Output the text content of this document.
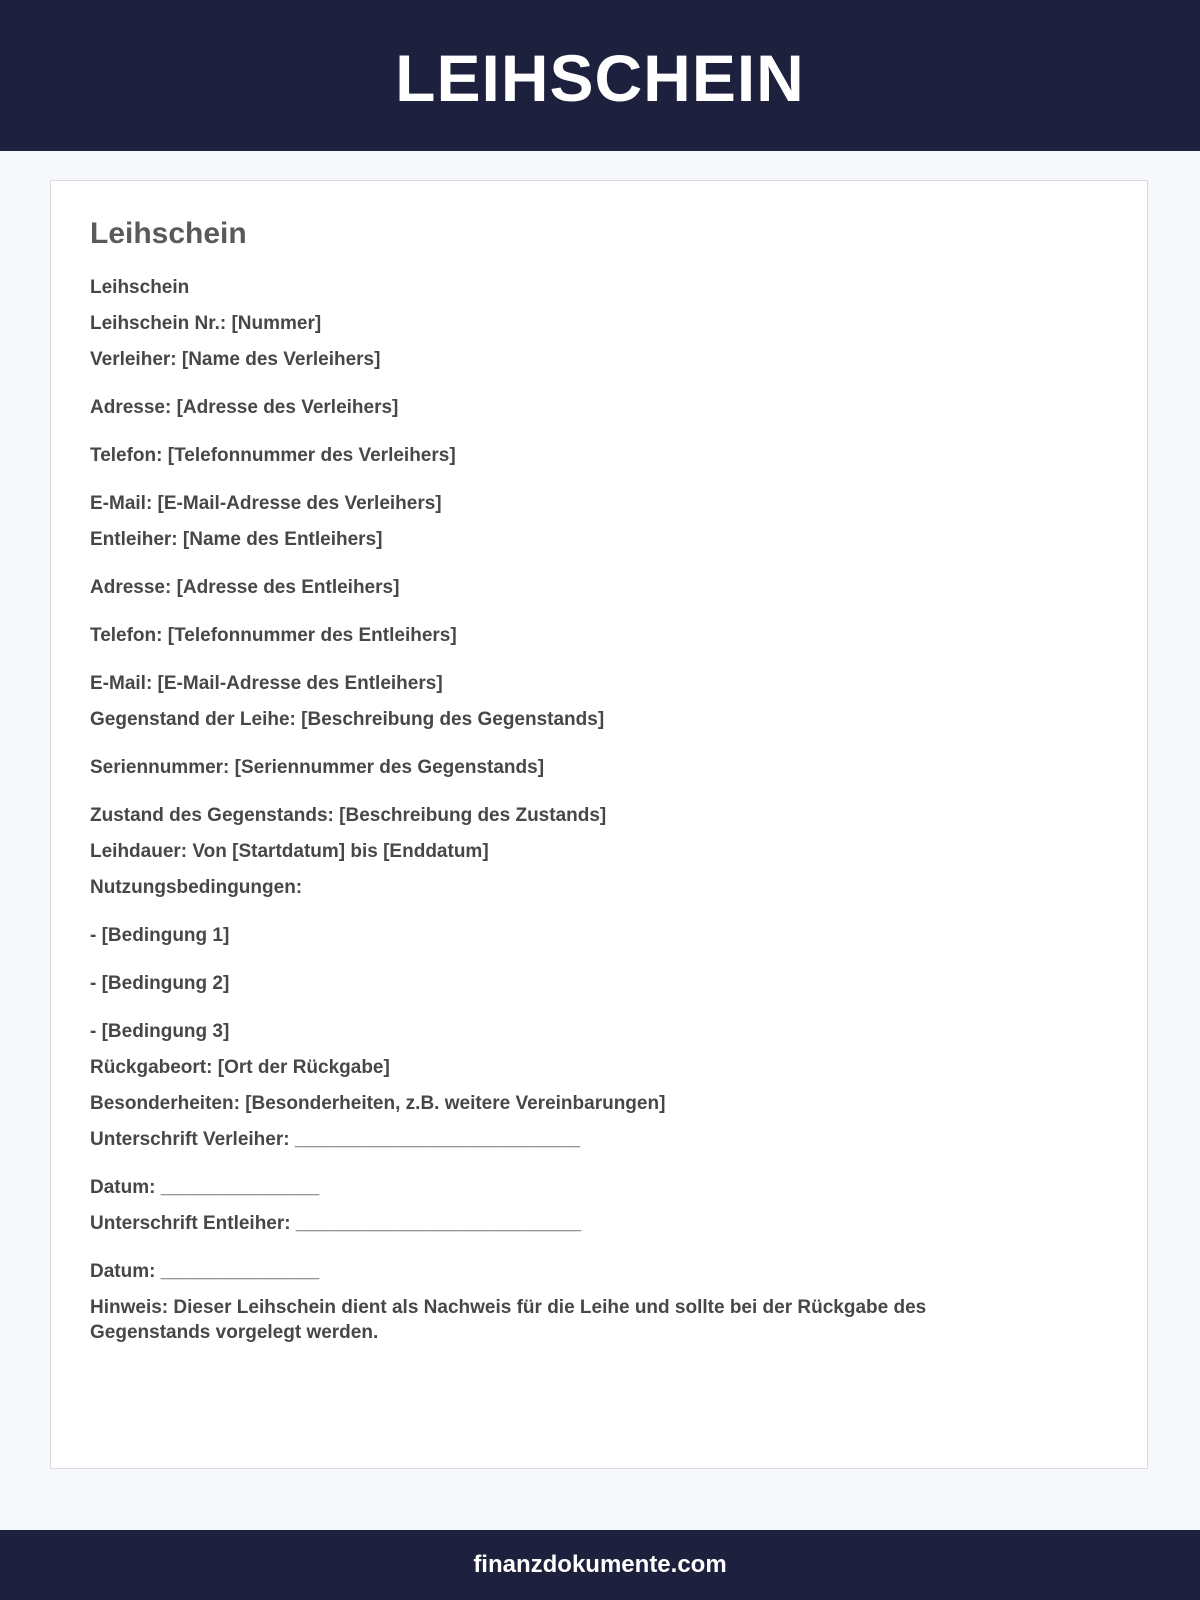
LEIHSCHEIN
Leihschein

Leihschein

Leihschein Nr.: [Nummer]

Verleiher: [Name des Verleihers]

Adresse: [Adresse des Verleihers]

Telefon: [Telefonnummer des Verleihers]

E-Mail: [E-Mail-Adresse des Verleihers]

Entleiher: [Name des Entleihers]

Adresse: [Adresse des Entleihers]

Telefon: [Telefonnummer des Entleihers]

E-Mail: [E-Mail-Adresse des Entleihers]

Gegenstand der Leihe: [Beschreibung des Gegenstands]

Seriennummer: [Seriennummer des Gegenstands]

Zustand des Gegenstands: [Beschreibung des Zustands]

Leihdauer: Von [Startdatum] bis [Enddatum]

Nutzungsbedingungen:

- [Bedingung 1]

- [Bedingung 2]

- [Bedingung 3]

Rückgabeort: [Ort der Rückgabe]

Besonderheiten: [Besonderheiten, z.B. weitere Vereinbarungen]

Unterschrift Verleiher: ___________________________

Datum: _______________

Unterschrift Entleiher: ___________________________

Datum: _______________

Hinweis: Dieser Leihschein dient als Nachweis für die Leihe und sollte bei der Rückgabe des Gegenstands vorgelegt werden.

finanzdokumente.com
